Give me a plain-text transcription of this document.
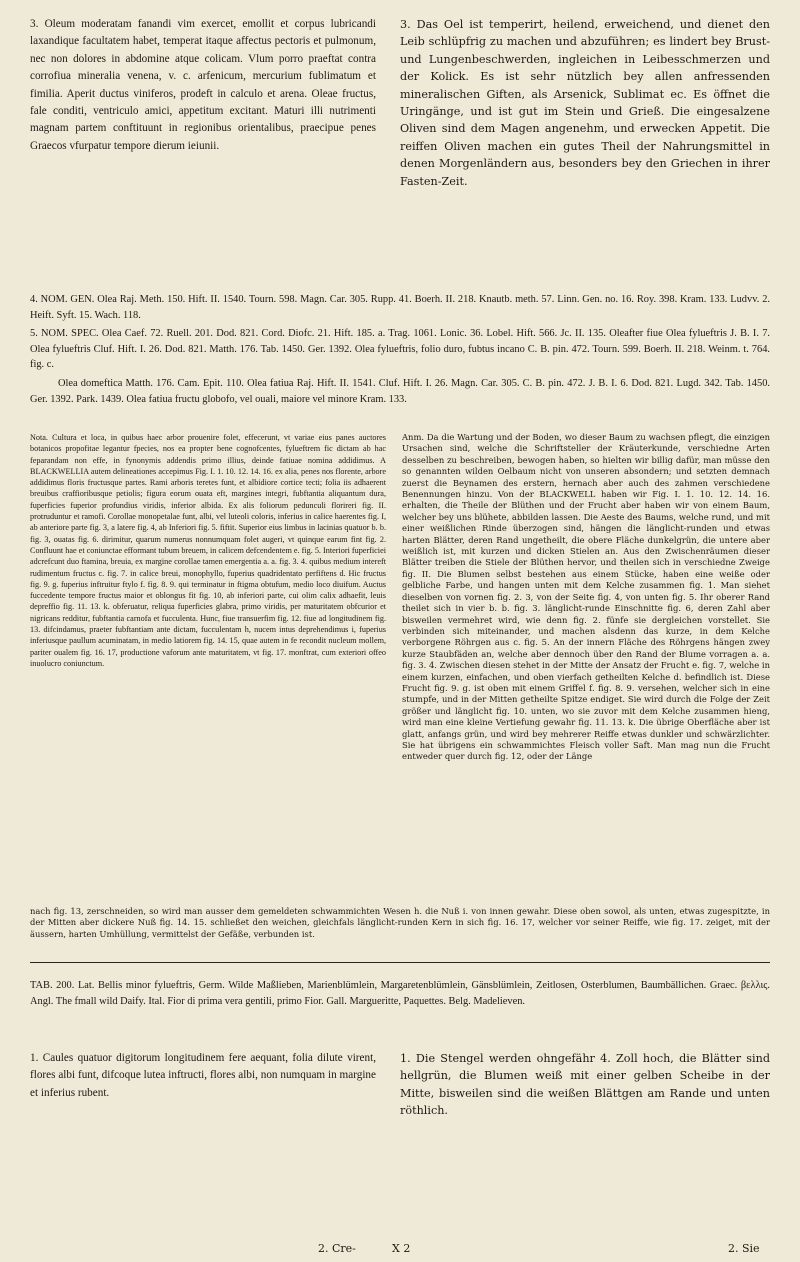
3. Oleum moderatam fanandi vim exercet, emollit et corpus lubricandi laxandique facultatem habet, temperat itaque affectus pectoris et pulmonum, nec non dolores in abdomine atque colicam. Vlum porro praeftat contra corrofiua mineralia venena, v. c. arfenicum, mercurium fublimatum et fimilia. Aperit ductus viniferos, prodeft in calculo et arena. Oleae fructus, fale conditi, ventriculo amici, appetitum excitant. Maturi illi nutrimenti magnam partem conftituunt in regionibus orientalibus, praecipue penes Graecos vfurpatur tempore dierum ieiunii.

3. Das Oel ist temperirt, heilend, erweichend, und dienet den Leib schlüpfrig zu machen und abzuführen; es lindert bey Brust- und Lungenbeschwerden, ingleichen in Leibesschmerzen und der Kolick. Es ist sehr nützlich bey allen anfressenden mineralischen Giften, als Arsenick, Sublimat ec. Es öffnet die Uringänge, und ist gut im Stein und Grieß. Die eingesalzene Oliven sind dem Magen angenehm, und erwecken Appetit. Die reiffen Oliven machen ein gutes Theil der Nahrungsmittel in denen Morgenländern aus, besonders bey den Griechen in ihrer Fasten-Zeit.

4. NOM. GEN. Olea Raj. Meth. 150. Hift. II. 1540. Tourn. 598. Magn. Car. 305. Rupp. 41. Boerh. II. 218. Knautb. meth. 57. Linn. Gen. no. 16. Roy. 398. Kram. 133. Ludvv. 2. Heift. Syft. 15. Wach. 118.

5. NOM. SPEC. Olea Caef. 72. Ruell. 201. Dod. 821. Cord. Diofc. 21. Hift. 185. a. Trag. 1061. Lonic. 36. Lobel. Hift. 566. Jc. II. 135. Oleafter fiue Olea fylueftris J. B. I. 7. Olea fylueftris Cluf. Hift. I. 26. Dod. 821. Matth. 176. Tab. 1450. Ger. 1392. Olea fylueftris, folio duro, fubtus incano C. B. pin. 472. Tourn. 599. Boerh. II. 218. Weinm. t. 764. fig. c.

Olea domeftica Matth. 176. Cam. Epit. 110. Olea fatiua Raj. Hift. II. 1541. Cluf. Hift. I. 26. Magn. Car. 305. C. B. pin. 472. J. B. I. 6. Dod. 821. Lugd. 342. Tab. 1450. Ger. 1392. Park. 1439. Olea fatiua fructu globofo, vel ouali, maiore vel minore Kram. 133.

Nota. Cultura et loca, in quibus haec arbor prouenire folet, effecerunt, vt variae eius panes auctores botanicos propofitae legantur fpecies, nos ea propter bene cognofcentes, fylueftrem fic dictam ab hac feparandam non effe, in fynonymis addendis primo illius, deinde fatiuae nomina addidimus. A BLACKWELLIA autem delineationes accepimus Fig. I. 1. 10. 12. 14. 16. ex alia, penes nos florente, arbore addidimus floris fructusque partes. Rami arboris teretes funt, et albidiore cortice tecti; folia iis adhaerent breuibus craffioribusque petiolis; figura eorum ouata eft, margines integri, fubftantia aliquantum dura, fuperficies fuperior profundius viridis, inferior albida. Ex alis foliorum pedunculi florireri fig. II. protruduntur et ramofi. Corollae monopetalae funt, albi, vel luteoli coloris, inferius in calice haerentes fig. I, ab anteriore parte fig. 3, a latere fig. 4, ab Inferiori fig. 5. fiftit. Superior eius limbus in lacinias quatuor b. b. fig. 3, ouatas fig. 6. dirimitur, quarum numerus nonnumquam folet augeri, vt quinque earum fint fig. 2. Confluunt hae et coniunctae efformant tubum breuem, in calicem defcendentem e. fig. 5. Interiori fuperficiei adcrefcunt duo ftamina, breuia, ex margine corollae tamen emergentia a. a. fig. 3. 4. quibus medium intereft rudimentum fructus c. fig. 7. in calice breui, monophyllo, fuperius quadridentato perfiftens d. Hic fructus fig. 9. g. fuperius inftruitur ftylo f. fig. 8. 9. qui terminatur in ftigma obtufum, medio loco diuifum. Auctus fuccedente tempore fructus maior et oblongus fit fig. 10, ab inferiori parte, cui olim calix adhaefit, leuis depreffio fig. 11. 13. k. obferuatur, reliqua fuperficies glabra, primo viridis, per maturitatem obfcurior et nigricans redditur, fubftantia carnofa et fucculenta. Hunc, fiue transuerfim fig. 12. fiue ad longitudinem fig. 13. difcindamus, praeter fubftantiam ante dictam, fucculentam h, nucem intus deprehendimus i, fuperius inferiusque paullum acuminatam, in medio latiorem fig. 14. 15, quae autem in fe recondit nucleum mollem, pariter oualem fig. 16. 17, productione vaforum ante maturitatem, vt fig. 17. monftrat, cum exteriori offeo inuolucro coniunctum.

Anm. Da die Wartung und der Boden, wo dieser Baum zu wachsen pflegt, die einzigen Ursachen sind, welche die Schriftsteller der Kräuterkunde, verschiedne Arten desselben zu beschreiben, bewogen haben, so hielten wir billig dafür, man müsse den so genannten wilden Oelbaum nicht von unseren absondern; und setzten demnach zuerst die Beynamen des erstern, hernach aber auch des zahmen verschiedene Benennungen hinzu. Von der BLACKWELL haben wir Fig. I. 1. 10. 12. 14. 16. erhalten, die Theile der Blüthen und der Frucht aber haben wir von einem Baum, welcher bey uns blühete, abbilden lassen. Die Aeste des Baums, welche rund, und mit einer weißlichen Rinde überzogen sind, hängen die länglicht-runden und etwas harten Blätter, deren Rand ungetheilt, die obere Fläche dunkelgrün, die untere aber weißlich ist, mit kurzen und dicken Stielen an. Aus den Zwischenräumen dieser Blätter treiben die Stiele der Blüthen hervor, und theilen sich in verschiedne Zweige fig. II. Die Blumen selbst bestehen aus einem Stücke, haben eine weiße oder gelbliche Farbe, und hangen unten mit dem Kelche zusammen fig. 1. Man siehet dieselben von vornen fig. 2. 3, von der Seite fig. 4, von unten fig. 5. Ihr oberer Rand theilet sich in vier b. b. fig. 3. länglicht-runde Einschnitte fig. 6, deren Zahl aber bisweilen vermehret wird, wie denn fig. 2. fünfe sie dergleichen vorstellet. Sie verbinden sich miteinander, und machen alsdenn das kurze, in dem Kelche verborgene Röhrgen aus c. fig. 5. An der innern Fläche des Röhrgens hängen zwey kurze Staubfäden an, welche aber dennoch über den Rand der Blume vorragen a. a. fig. 3. 4. Zwischen diesen stehet in der Mitte der Ansatz der Frucht e. fig. 7, welche in einem kurzen, einfachen, und oben vierfach getheilten Kelche d. befindlich ist. Diese Frucht fig. 9. g. ist oben mit einem Griffel f. fig. 8. 9. versehen, welcher sich in eine stumpfe, und in der Mitten getheilte Spitze endiget. Sie wird durch die Folge der Zeit größer und länglicht fig. 10. unten, wo sie zuvor mit dem Kelche zusammen hieng, wird man eine kleine Vertiefung gewahr fig. 11. 13. k. Die übrige Oberfläche aber ist glatt, anfangs grün, und wird bey mehrerer Reiffe etwas dunkler und schwärzlichter. Sie hat übrigens ein schwammichtes Fleisch voller Saft. Man mag nun die Frucht entweder quer durch fig. 12, oder der Länge

nach fig. 13, zerschneiden, so wird man ausser dem gemeldeten schwammichten Wesen h. die Nuß i. von innen gewahr. Diese oben sowol, als unten, etwas zugespitzte, in der Mitten aber dickere Nuß fig. 14. 15. schließet den weichen, gleichfals länglicht-runden Kern in sich fig. 16. 17, welcher vor seiner Reiffe, wie fig. 17. zeiget, mit der äussern, harten Umhüllung, vermittelst der Gefäße, verbunden ist.

TAB. 200. Lat. Bellis minor fylueftris, Germ. Wilde Maßlieben, Marienblümlein, Margaretenblümlein, Gänsblümlein, Zeitlosen, Osterblumen, Baumbällichen. Graec. βελλις. Angl. The fmall wild Daify. Ital. Fior di prima vera gentili, primo Fior. Gall. Margueritte, Paquettes. Belg. Madelieven.

1. Caules quatuor digitorum longitudinem fere aequant, folia dilute virent, flores albi funt, difcoque lutea inftructi, flores albi, non numquam in margine et inferius rubent.

1. Die Stengel werden ohngefähr 4. Zoll hoch, die Blätter sind hellgrün, die Blumen weiß mit einer gelben Scheibe in der Mitte, bisweilen sind die weißen Blättgen am Rande und unten röthlich.

2. Cre-	X 2	2. Sie
